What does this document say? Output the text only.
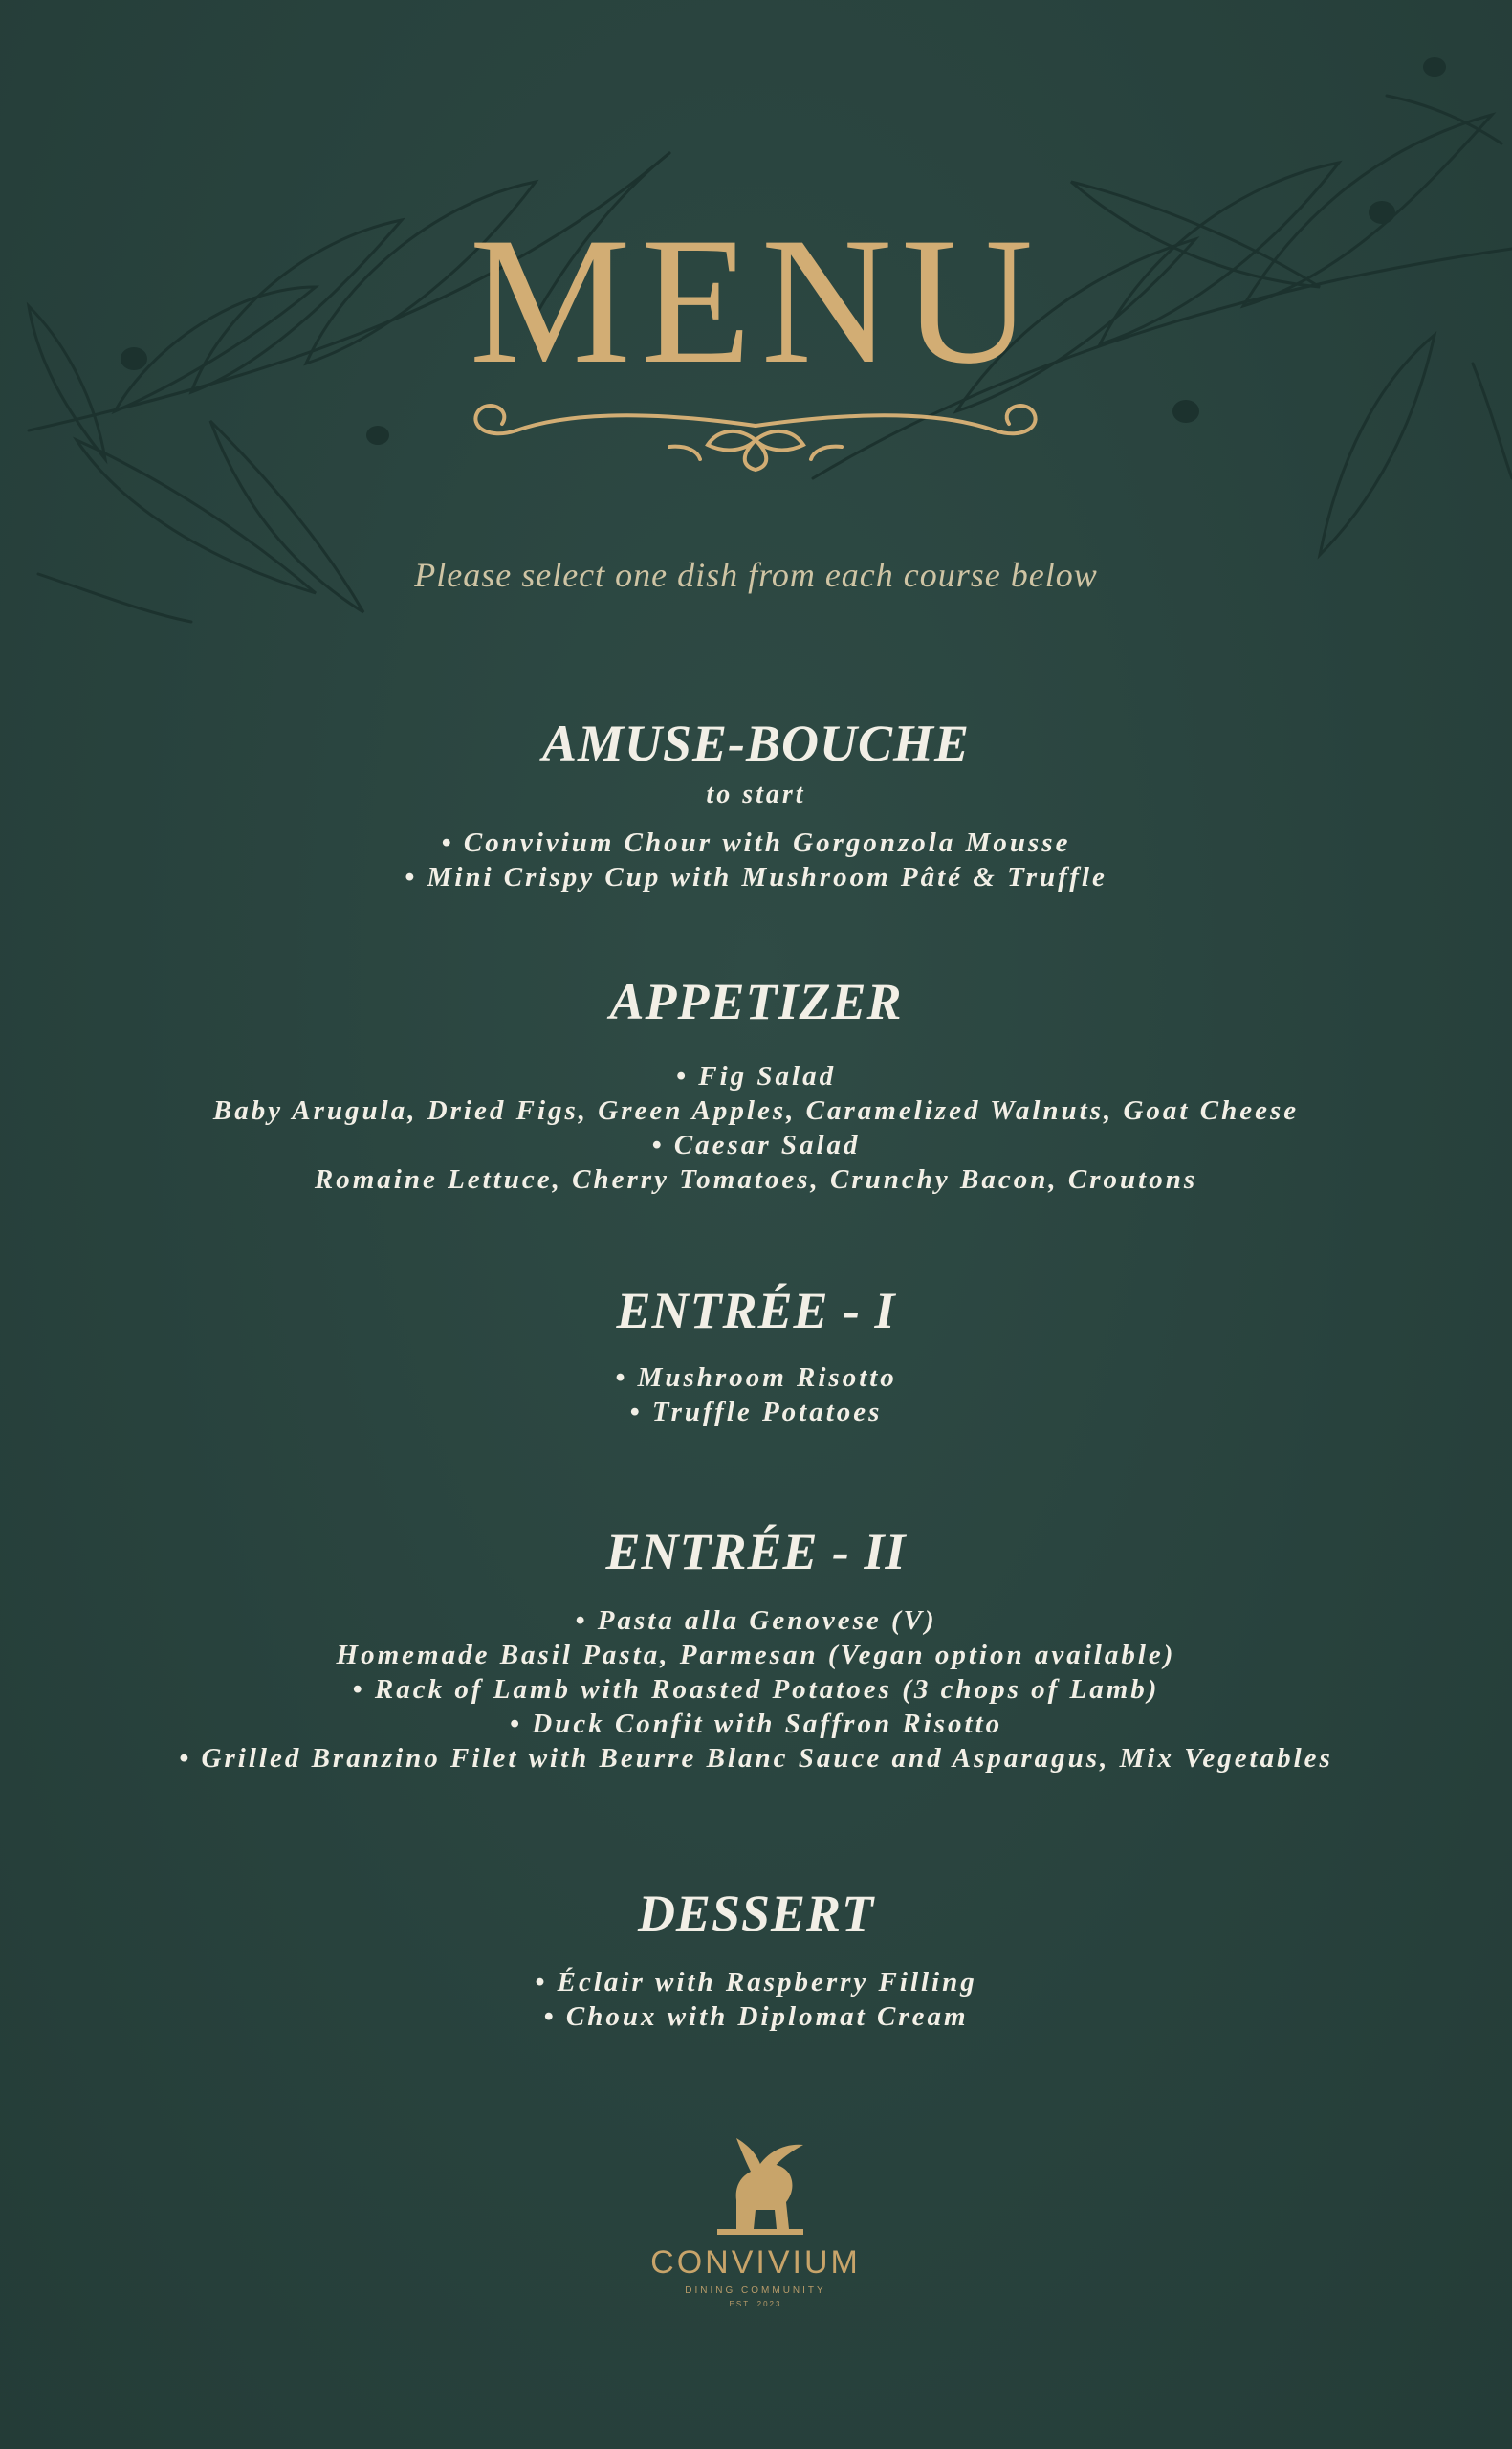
MENU
Please select one dish from each course below
AMUSE-BOUCHE
to start
• Convivium Chour with Gorgonzola Mousse
• Mini Crispy Cup with Mushroom Pâté & Truffle
APPETIZER
• Fig Salad
Baby Arugula, Dried Figs, Green Apples, Caramelized Walnuts, Goat Cheese
• Caesar Salad
Romaine Lettuce, Cherry Tomatoes, Crunchy Bacon, Croutons
ENTRÉE - I
• Mushroom Risotto
• Truffle Potatoes
ENTRÉE - II
• Pasta alla Genovese (V)
Homemade Basil Pasta, Parmesan (Vegan option available)
• Rack of Lamb with Roasted Potatoes (3 chops of Lamb)
• Duck Confit with Saffron Risotto
• Grilled Branzino Filet with Beurre Blanc Sauce and Asparagus, Mix Vegetables
DESSERT
• Éclair with Raspberry Filling
• Choux with Diplomat Cream
CONVIVIUM
DINING COMMUNITY
EST. 2023
